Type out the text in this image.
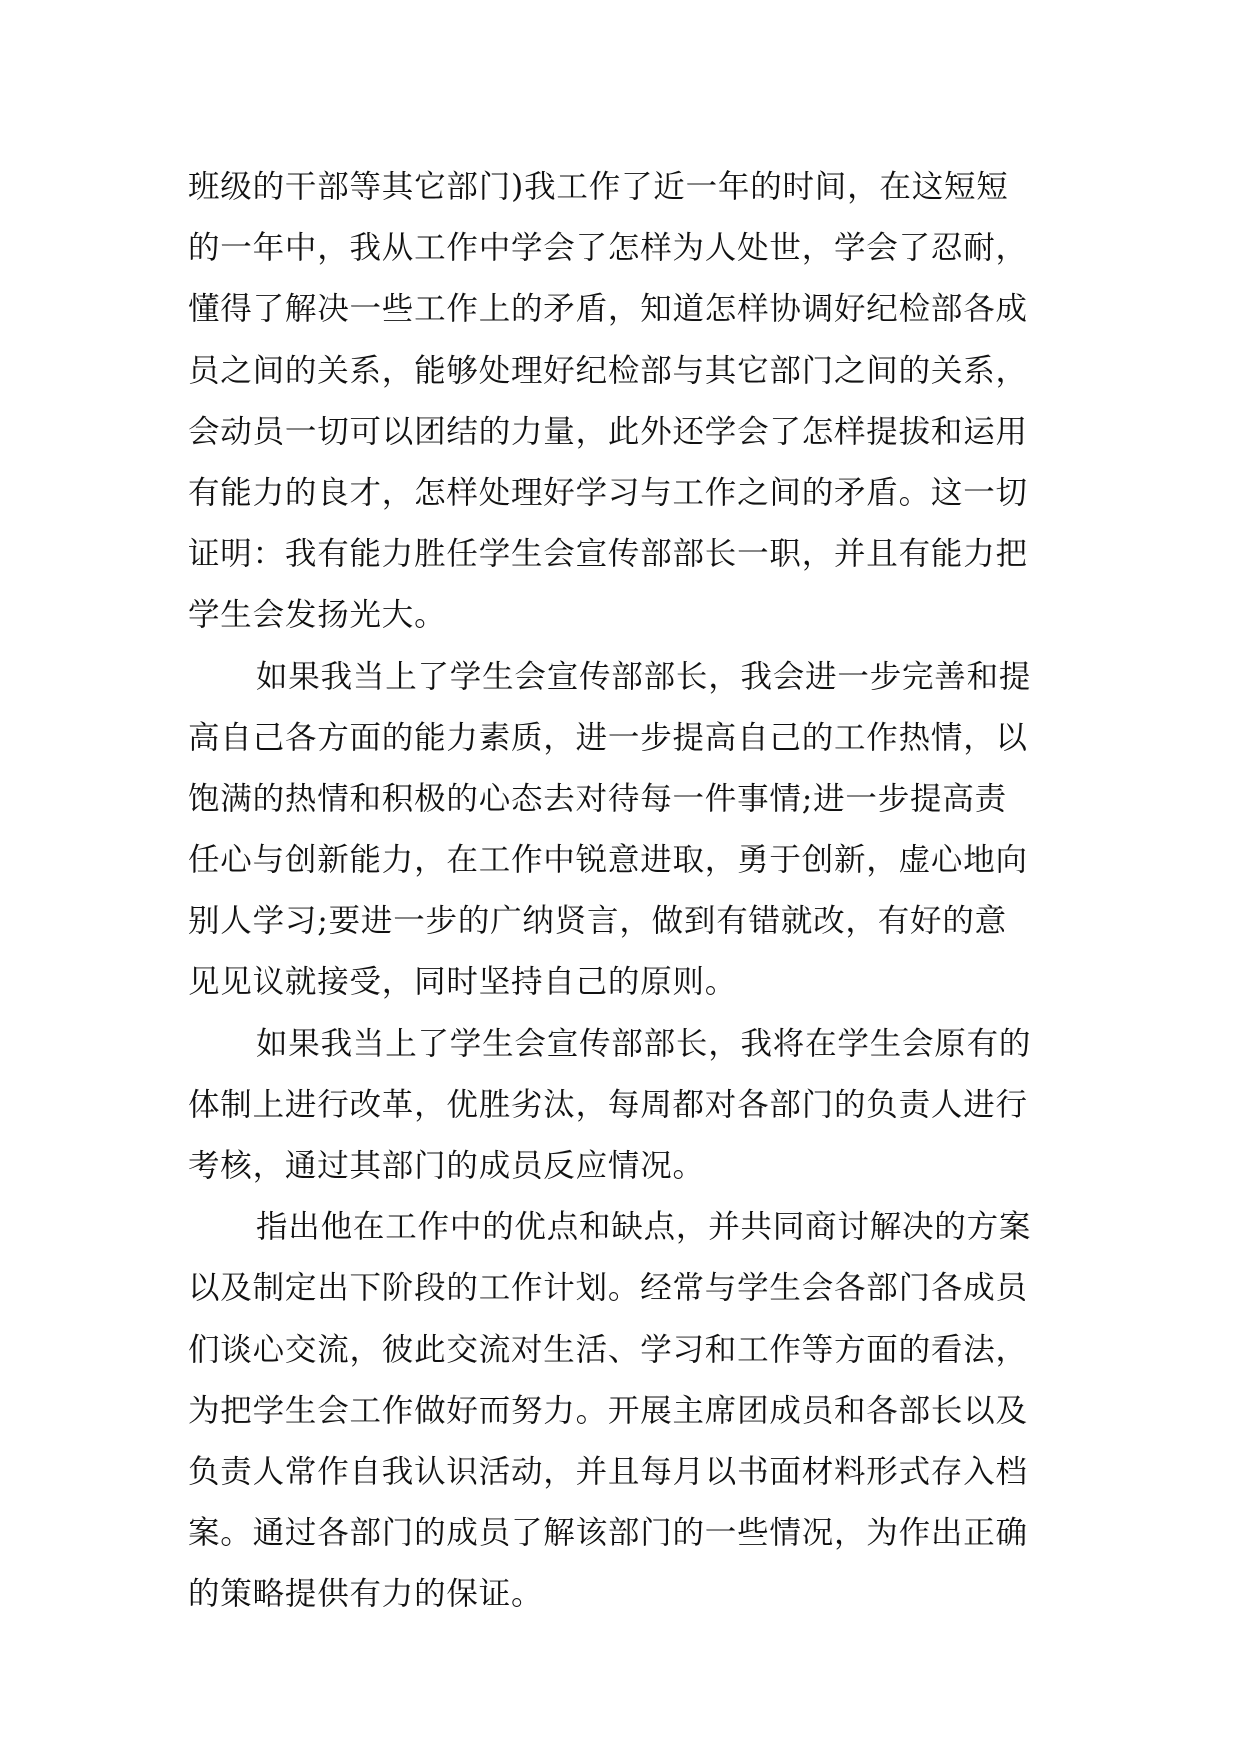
班级的干部等其它部门)我工作了近一年的时间，在这短短
的一年中，我从工作中学会了怎样为人处世，学会了忍耐，
懂得了解决一些工作上的矛盾，知道怎样协调好纪检部各成
员之间的关系，能够处理好纪检部与其它部门之间的关系，
会动员一切可以团结的力量，此外还学会了怎样提拔和运用
有能力的良才，怎样处理好学习与工作之间的矛盾。这一切
证明：我有能力胜任学生会宣传部部长一职，并且有能力把
学生会发扬光大。
如果我当上了学生会宣传部部长，我会进一步完善和提
高自己各方面的能力素质，进一步提高自己的工作热情，以
饱满的热情和积极的心态去对待每一件事情;进一步提高责
任心与创新能力，在工作中锐意进取，勇于创新，虚心地向
别人学习;要进一步的广纳贤言，做到有错就改，有好的意
见见议就接受，同时坚持自己的原则。
如果我当上了学生会宣传部部长，我将在学生会原有的
体制上进行改革，优胜劣汰，每周都对各部门的负责人进行
考核，通过其部门的成员反应情况。
指出他在工作中的优点和缺点，并共同商讨解决的方案
以及制定出下阶段的工作计划。经常与学生会各部门各成员
们谈心交流，彼此交流对生活、学习和工作等方面的看法，
为把学生会工作做好而努力。开展主席团成员和各部长以及
负责人常作自我认识活动，并且每月以书面材料形式存入档
案。通过各部门的成员了解该部门的一些情况，为作出正确
的策略提供有力的保证。
